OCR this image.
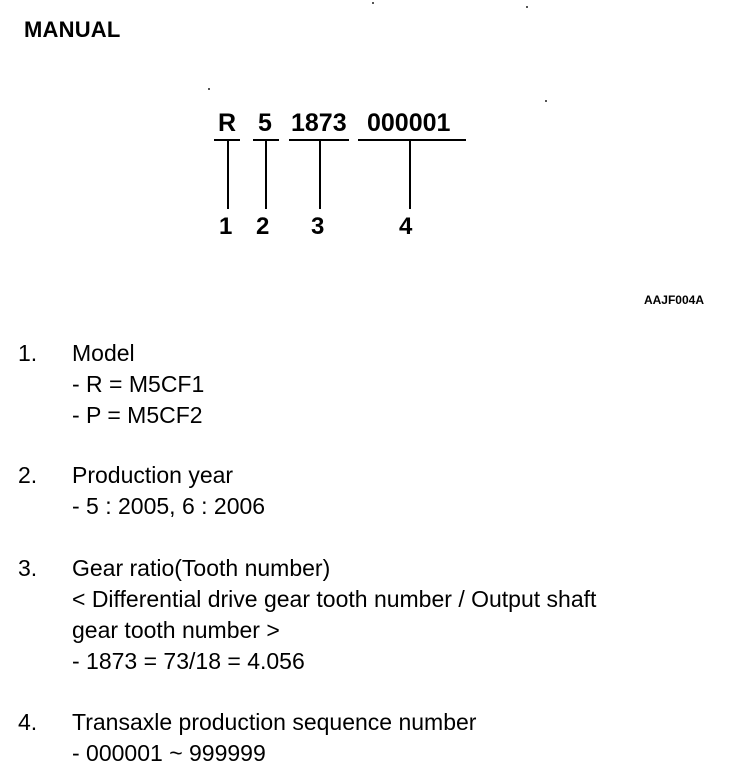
MANUAL
R 5 1873 000001
1 2 3	4
AAJF004A
1. Model
- R = M5CF1
- P = M5CF2
2. Production year
- 5 : 2005, 6 : 2006
3. Gear ratio(Tooth number)
< Differential drive gear tooth number / Output shaft
gear tooth number >
- 1873 = 73/18 = 4.056
4. Transaxle production sequence number
- 000001 ~ 999999
